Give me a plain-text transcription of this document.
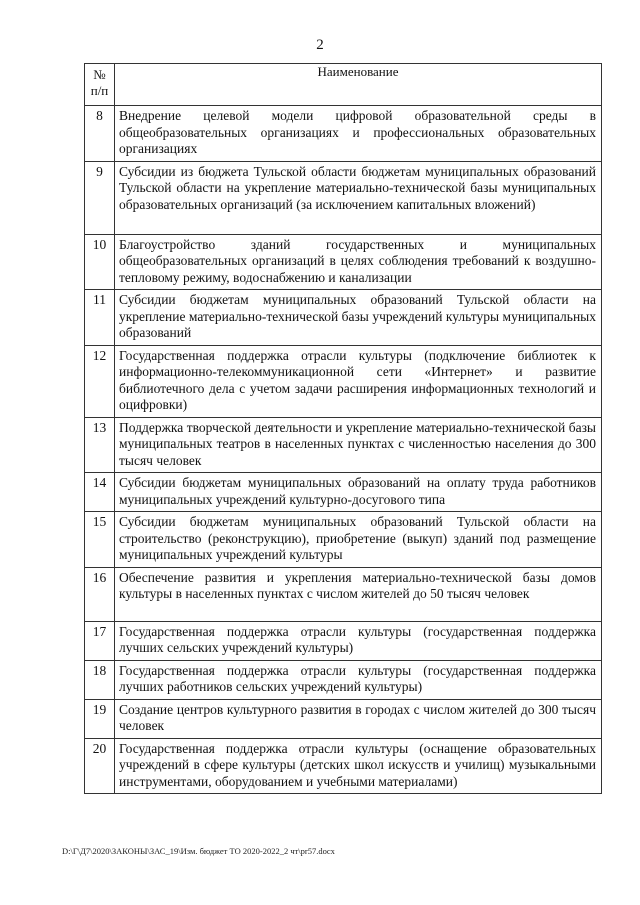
2
№
п/п	Наименование
8	Внедрение целевой модели цифровой образовательной среды в общеобразовательных организациях и профессиональных образовательных организациях
9	Субсидии из бюджета Тульской области бюджетам муниципальных образований Тульской области на укрепление материально-технической базы муниципальных образовательных организаций (за исключением капитальных вложений)
10	Благоустройство зданий государственных и муниципальных общеобразовательных организаций в целях соблюдения требований к воздушно-тепловому режиму, водоснабжению и канализации
11	Субсидии бюджетам муниципальных образований Тульской области на укрепление материально-технической базы учреждений культуры муниципальных образований
12	Государственная поддержка отрасли культуры (подключение библиотек к информационно-телекоммуникационной сети «Интернет» и развитие библиотечного дела с учетом задачи расширения информационных технологий и оцифровки)
13	Поддержка творческой деятельности и укрепление материально-технической базы муниципальных театров в населенных пунктах с численностью населения до 300 тысяч человек
14	Субсидии бюджетам муниципальных образований на оплату труда работников муниципальных учреждений культурно-досугового типа
15	Субсидии бюджетам муниципальных образований Тульской области на строительство (реконструкцию), приобретение (выкуп) зданий под размещение муниципальных учреждений культуры
16	Обеспечение развития и укрепления материально-технической базы домов культуры в населенных пунктах с числом жителей до 50 тысяч человек
17	Государственная поддержка отрасли культуры (государственная поддержка лучших сельских учреждений культуры)
18	Государственная поддержка отрасли культуры (государственная поддержка лучших работников сельских учреждений культуры)
19	Создание центров культурного развития в городах с числом жителей до 300 тысяч человек
20	Государственная поддержка отрасли культуры (оснащение образовательных учреждений в сфере культуры (детских школ искусств и училищ) музыкальными инструментами, оборудованием и учебными материалами)
D:\Г\Д7\2020\ЗАКОНЫ\ЗАС_19\Изм. бюджет ТО 2020-2022_2 чт\pr57.docx
